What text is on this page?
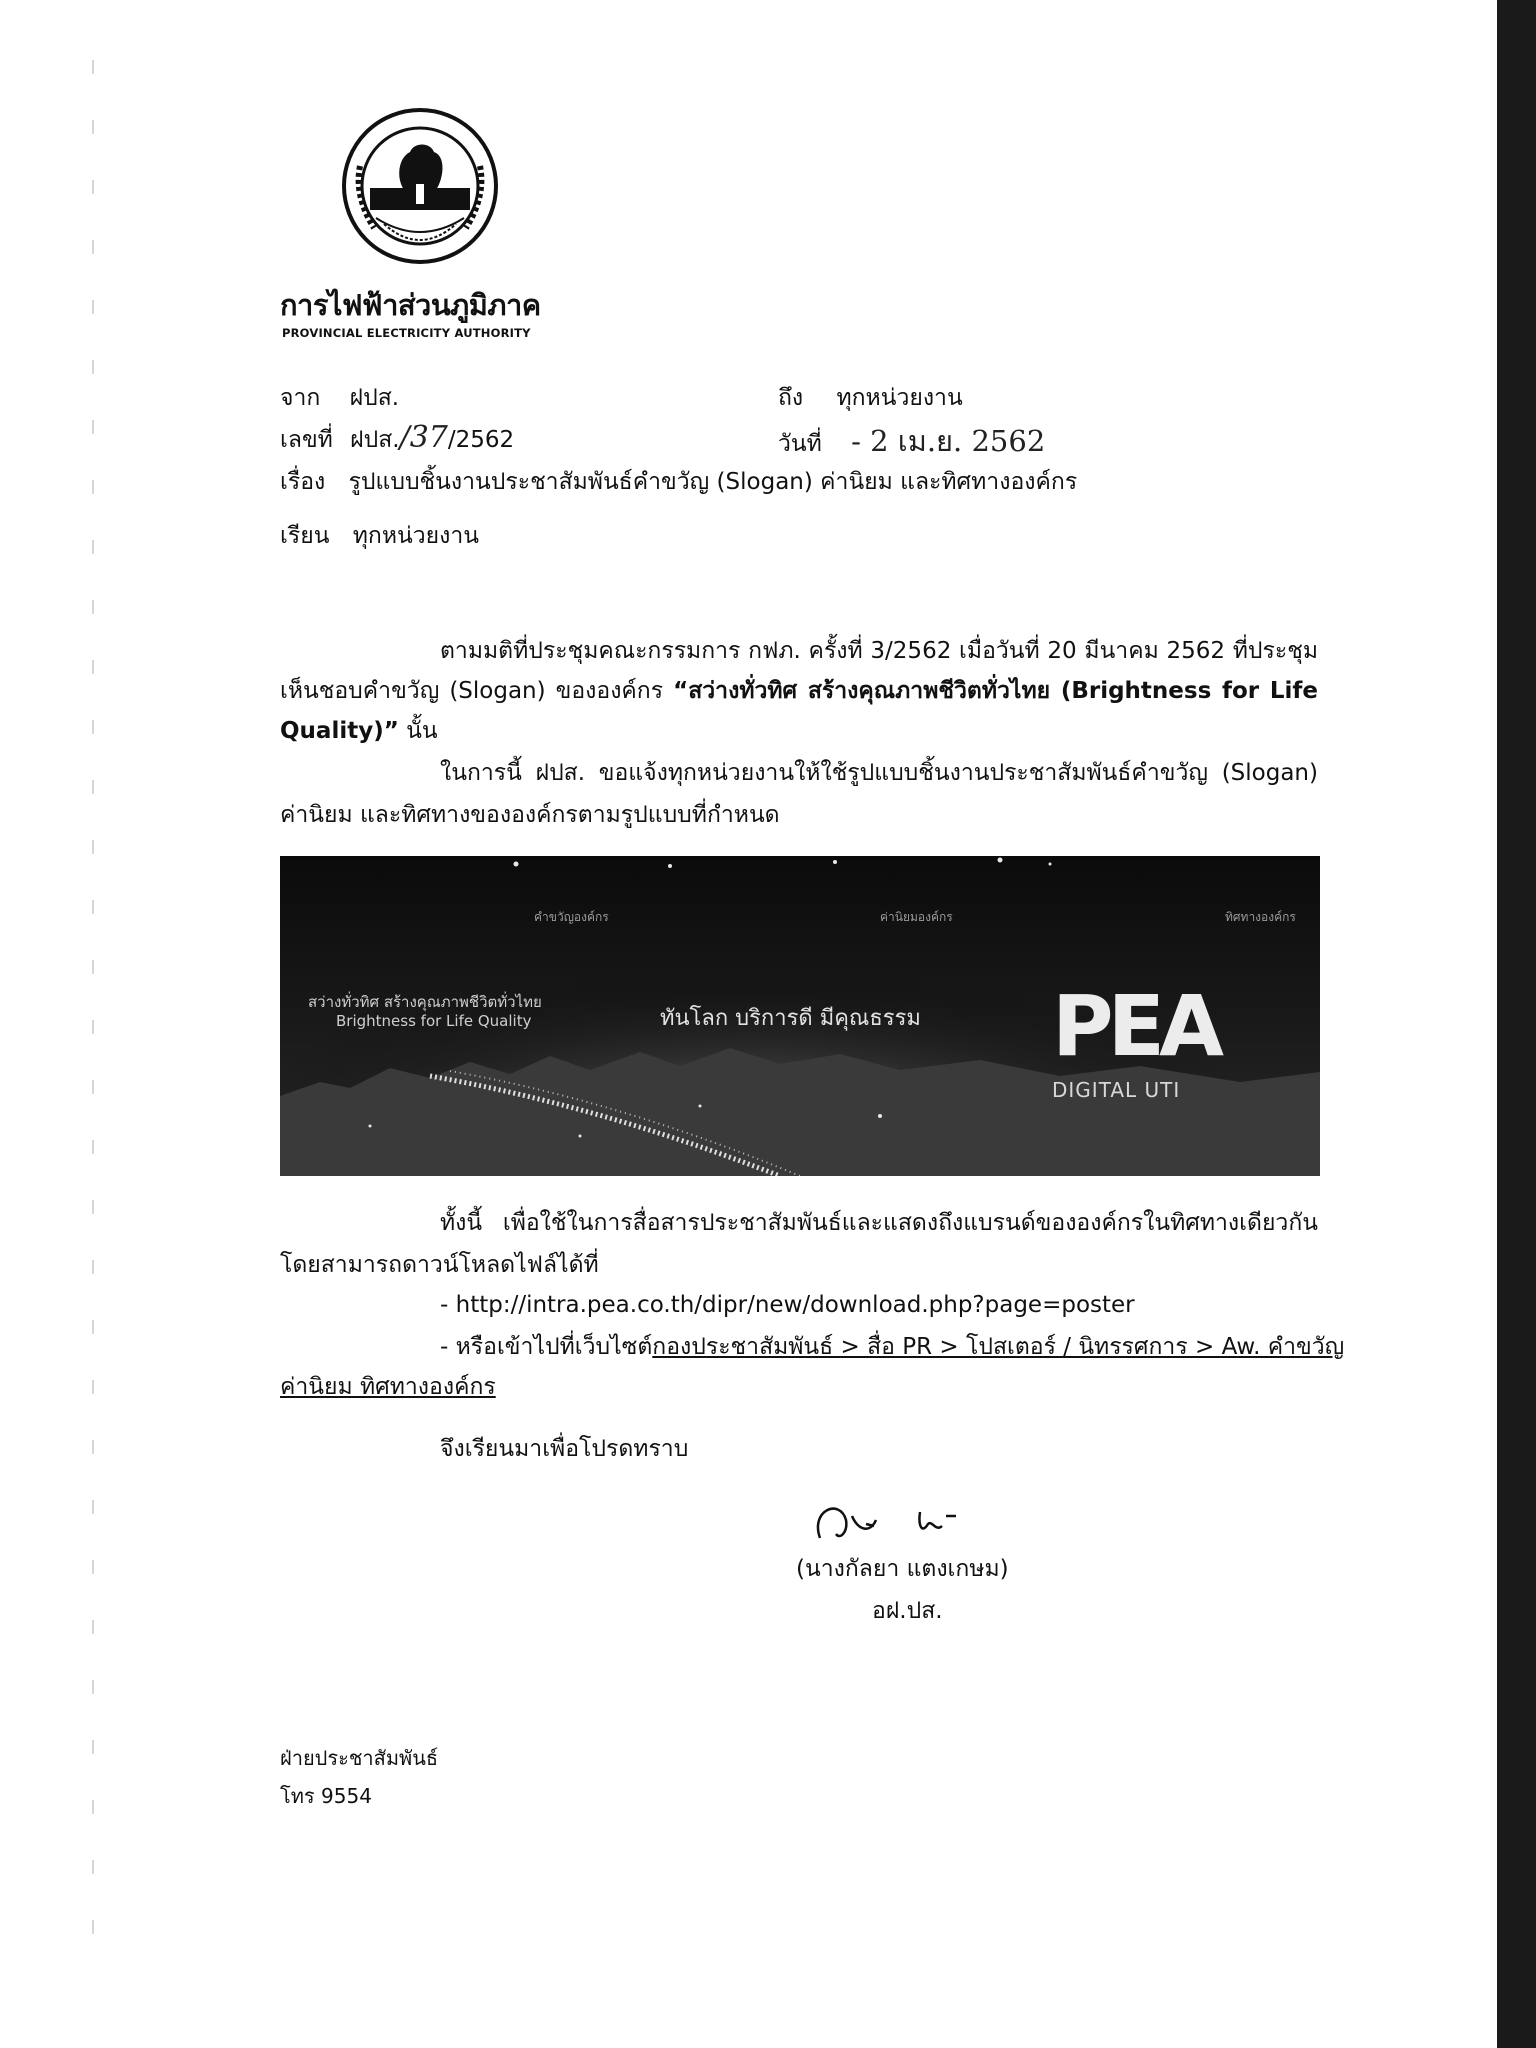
การไฟฟ้าส่วนภูมิภาค
PROVINCIAL ELECTRICITY AUTHORITY
จาก ฝปส.	ถึง ทุกหน่วยงาน
เลขที่ ฝปส./37/2562	วันที่ - 2 เม.ย. 2562
เรื่อง รูปแบบชิ้นงานประชาสัมพันธ์คำขวัญ (Slogan) ค่านิยม และทิศทางองค์กร
เรียน ทุกหน่วยงาน
ตามมติที่ประชุมคณะกรรมการ กฟภ. ครั้งที่ 3/2562 เมื่อวันที่ 20 มีนาคม 2562 ที่ประชุม
เห็นชอบคำขวัญ (Slogan) ขององค์กร “สว่างทั่วทิศ สร้างคุณภาพชีวิตทั่วไทย (Brightness for Life
Quality)” นั้น
ในการนี้ ฝปส. ขอแจ้งทุกหน่วยงานให้ใช้รูปแบบชิ้นงานประชาสัมพันธ์คำขวัญ (Slogan)
ค่านิยม และทิศทางขององค์กรตามรูปแบบที่กำหนด
คำขวัญองค์กร	ค่านิยมองค์กร	ทิศทางองค์กร
สว่างทั่วทิศ สร้างคุณภาพชีวิตทั่วไทย
Brightness for Life Quality	ทันโลก บริการดี มีคุณธรรม PEA
DIGITAL UTI
ทั้งนี้ เพื่อใช้ในการสื่อสารประชาสัมพันธ์และแสดงถึงแบรนด์ขององค์กรในทิศทางเดียวกัน
โดยสามารถดาวน์โหลดไฟล์ได้ที่
- http://intra.pea.co.th/dipr/new/download.php?page=poster
- หรือเข้าไปที่เว็บไซต์กองประชาสัมพันธ์ > สื่อ PR > โปสเตอร์ / นิทรรศการ > Aw. คำขวัญ
ค่านิยม ทิศทางองค์กร
จึงเรียนมาเพื่อโปรดทราบ
(นางกัลยา แตงเกษม)
อฝ.ปส.
ฝ่ายประชาสัมพันธ์
โทร 9554
